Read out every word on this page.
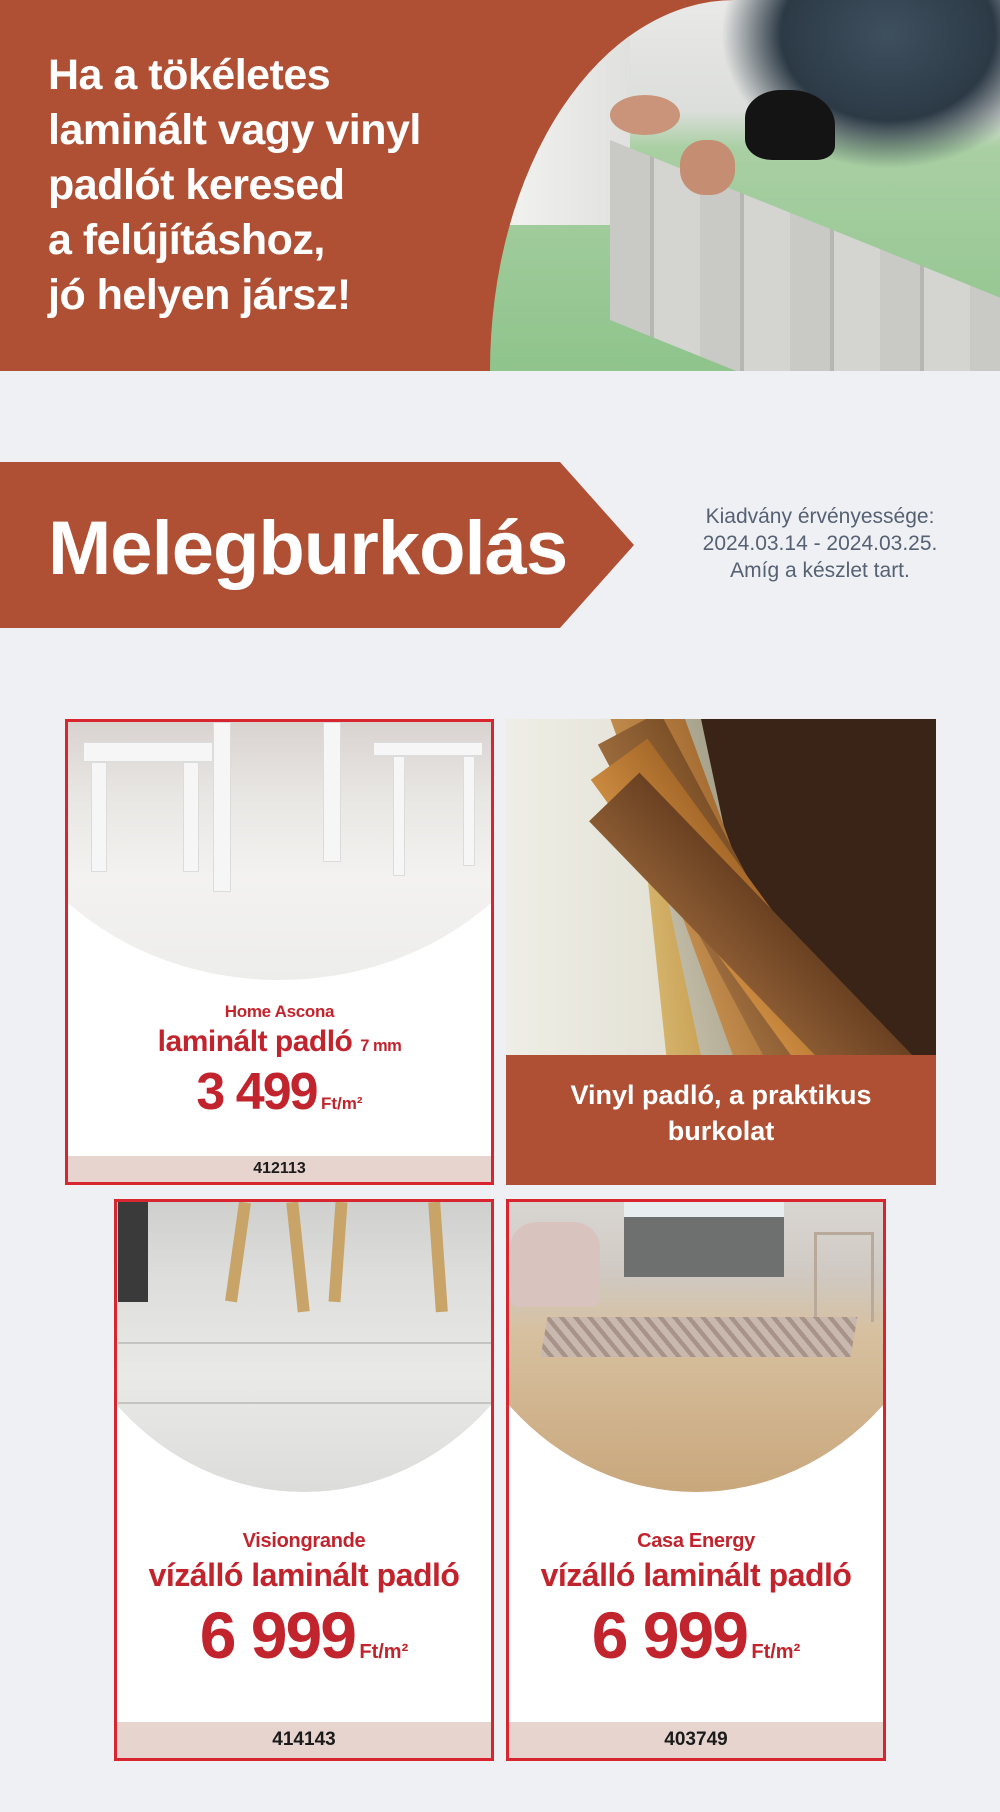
Ha a tökéletes
laminált vagy vinyl
padlót keresed
a felújításhoz,
jó helyen jársz!
Melegburkolás	Kiadvány érvényessége:
2024.03.14 - 2024.03.25.
Amíg a készlet tart.
Home Ascona
laminált padló 7 mm
3 499 Ft/m²
412113
Vinyl padló, a praktikus burkolat
Visiongrande
vízálló laminált padló
6 999 Ft/m²
414143
Casa Energy
vízálló laminált padló
6 999 Ft/m²
403749
